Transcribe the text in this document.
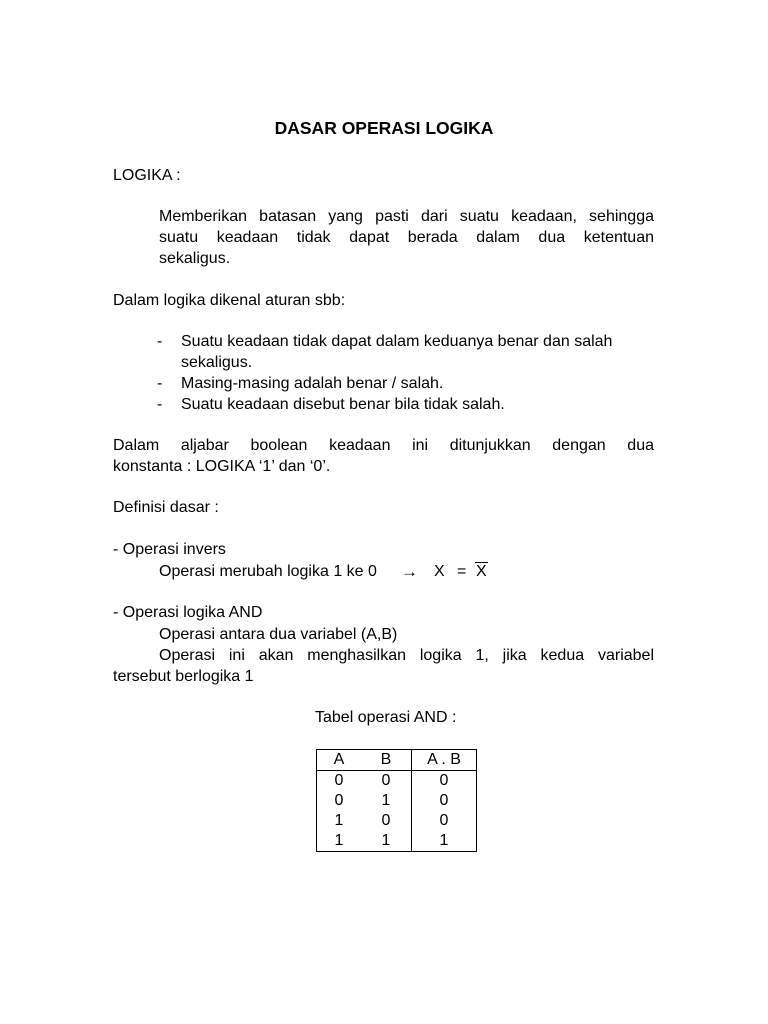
DASAR OPERASI LOGIKA
LOGIKA :
Memberikan batasan yang pasti dari suatu keadaan, sehingga
suatu keadaan tidak dapat berada dalam dua ketentuan
sekaligus.
Dalam logika dikenal aturan sbb:
- Suatu keadaan tidak dapat dalam keduanya benar dan salah
sekaligus.
- Masing-masing adalah benar / salah.
- Suatu keadaan disebut benar bila tidak salah.
Dalam aljabar boolean keadaan ini ditunjukkan dengan dua
konstanta : LOGIKA ‘1’ dan ‘0’.
Definisi dasar :
- Operasi invers
Operasi merubah logika 1 ke 0 → X = X
- Operasi logika AND
Operasi antara dua variabel (A,B)
Operasi ini akan menghasilkan logika 1, jika kedua variabel
tersebut berlogika 1
Tabel operasi AND :
A	B	A . B
0	0	0
0	1	0
1	0	0
1	1	1
